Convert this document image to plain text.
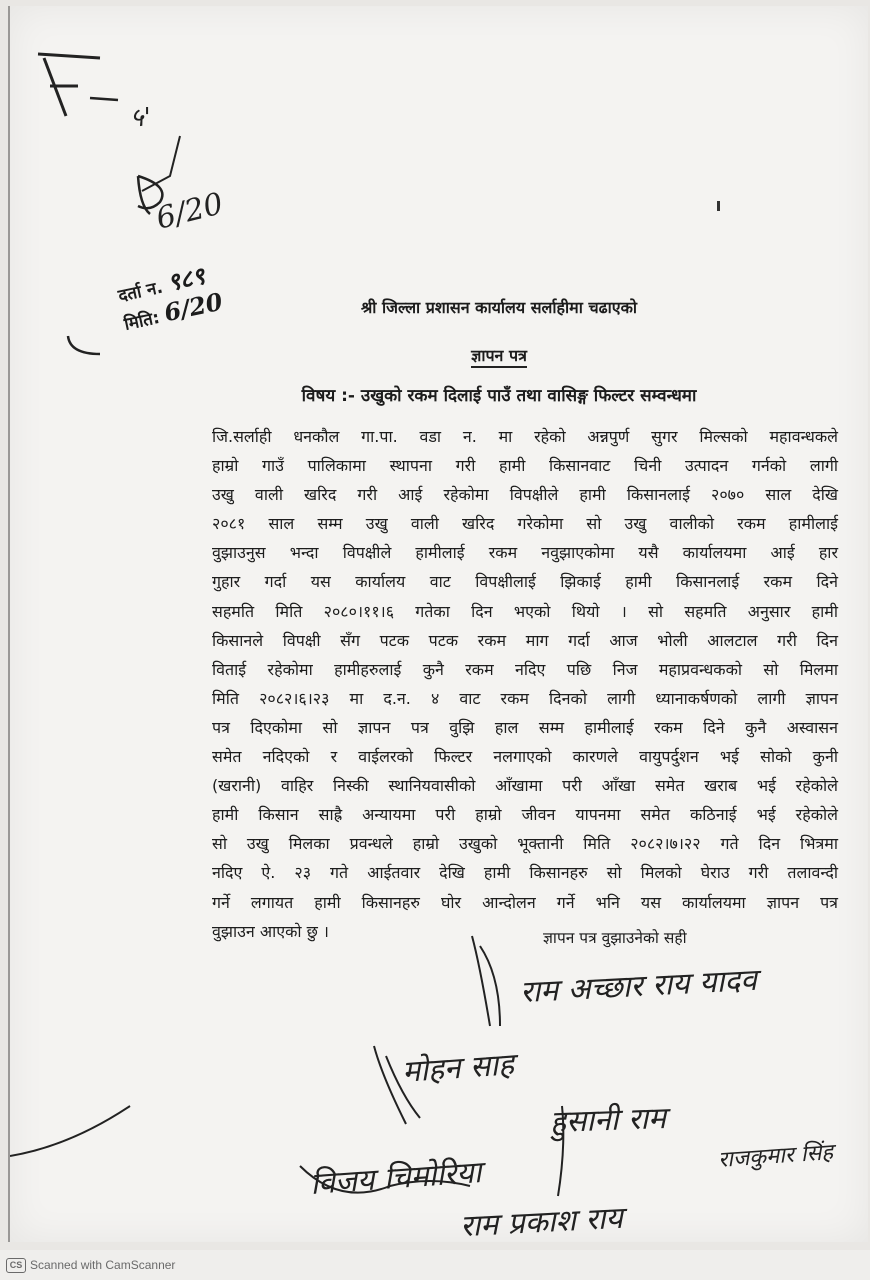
५'
6/20
दर्ता न. ९८९
मिति: 6/20	श्री जिल्ला प्रशासन कार्यालय सर्लाहीमा चढाएको
ज्ञापन पत्र
विषय :- उखुको रकम दिलाई पाउँ तथा वासिङ्ग फिल्टर सम्वन्धमा
जि.सर्लाही धनकौल गा.पा. वडा न. मा रहेको अन्नपुर्ण सुगर मिल्सको महावन्धकले
हाम्रो गाउँ पालिकामा स्थापना गरी हामी किसानवाट चिनी उत्पादन गर्नको लागी
उखु वाली खरिद गरी आई रहेकोमा विपक्षीले हामी किसानलाई २०७० साल देखि
२०८१ साल सम्म उखु वाली खरिद गरेकोमा सो उखु वालीको रकम हामीलाई
वुझाउनुस भन्दा विपक्षीले हामीलाई रकम नवुझाएकोमा यसै कार्यालयमा आई हार
गुहार गर्दा यस कार्यालय वाट विपक्षीलाई झिकाई हामी किसानलाई रकम दिने
सहमति मिति २०८०।११।६ गतेका दिन भएको थियो । सो सहमति अनुसार हामी
किसानले विपक्षी सँग पटक पटक रकम माग गर्दा आज भोली आलटाल गरी दिन
विताई रहेकोमा हामीहरुलाई कुनै रकम नदिए पछि निज महाप्रवन्धकको सो मिलमा
मिति २०८२।६।२३ मा द.न. ४ वाट रकम दिनको लागी ध्यानाकर्षणको लागी ज्ञापन
पत्र दिएकोमा सो ज्ञापन पत्र वुझि हाल सम्म हामीलाई रकम दिने कुनै अस्वासन
समेत नदिएको र वाईलरको फिल्टर नलगाएको कारणले वायुपर्दुशन भई सोको कुनी
(खरानी) वाहिर निस्की स्थानियवासीको आँखामा परी आँखा समेत खराब भई रहेकोले
हामी किसान साह्रै अन्यायमा परी हाम्रो जीवन यापनमा समेत कठिनाई भई रहेकोले
सो उखु मिलका प्रवन्धले हाम्रो उखुको भूक्तानी मिति २०८२।७।२२ गते दिन भित्रमा
नदिए ऐ. २३ गते आईतवार देखि हामी किसानहरु सो मिलको घेराउ गरी तलावन्दी
गर्ने लगायत हामी किसानहरु घोर आन्दोलन गर्ने भनि यस कार्यालयमा ज्ञापन पत्र
वुझाउन आएको छु ।	ज्ञापन पत्र वुझाउनेको सही
राम अच्छार राय यादव
मोहन साह
हुसानी राम
विजय चिमोरिया
राम प्रकाश राय
राजकुमार सिंह
CS Scanned with CamScanner
